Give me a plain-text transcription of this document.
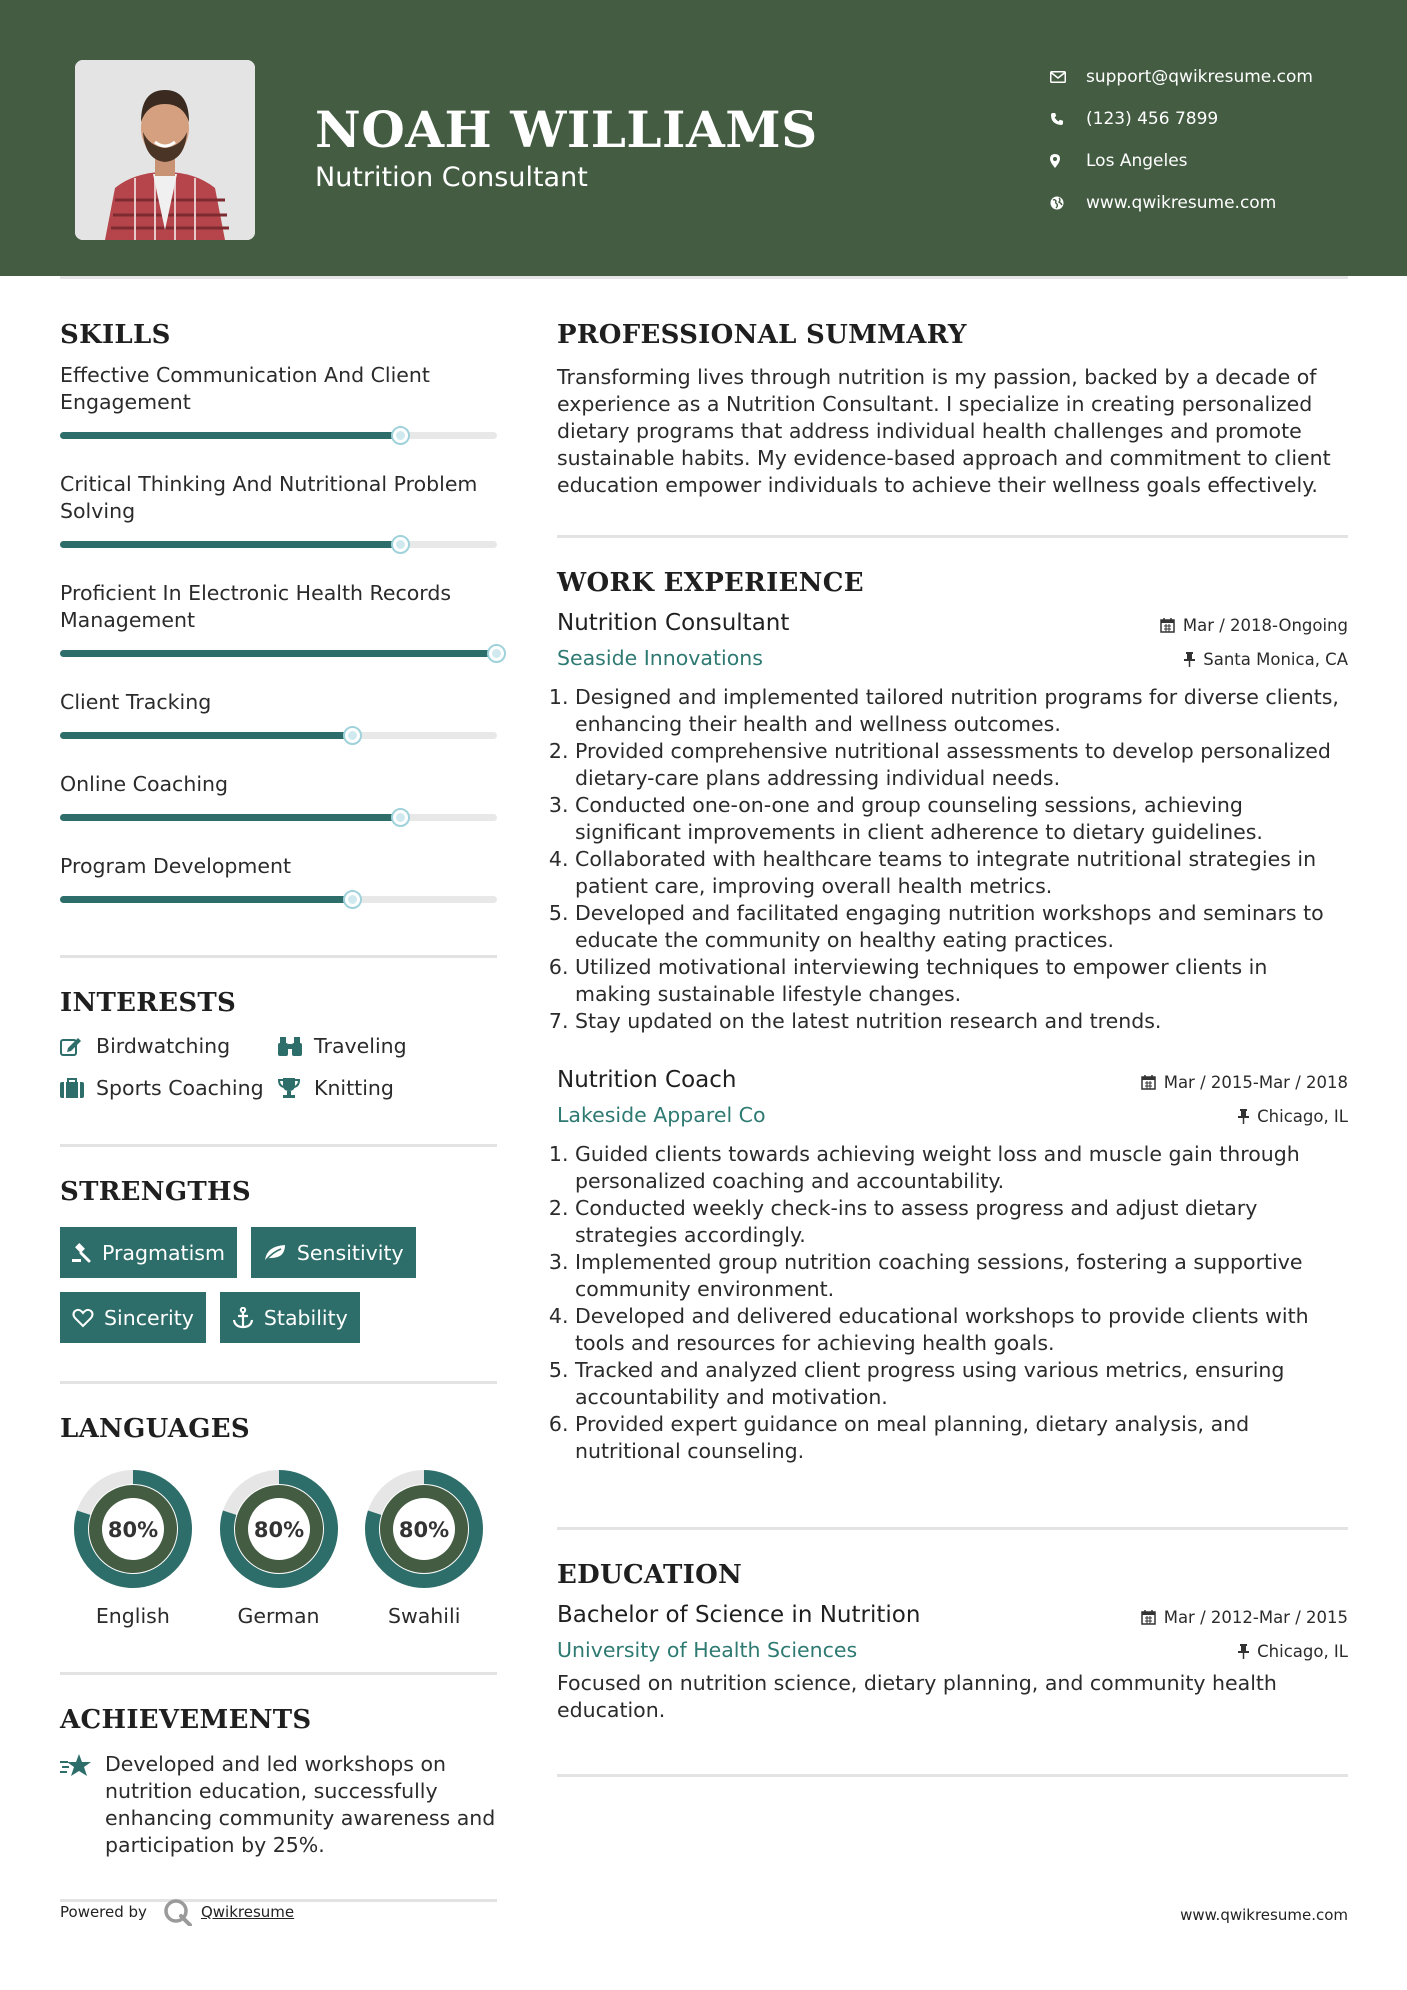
NOAH WILLIAMS
Nutrition Consultant
support@qwikresume.com
(123) 456 7899
Los Angeles
www.qwikresume.com
SKILLS
Effective Communication And Client Engagement
Critical Thinking And Nutritional Problem Solving
Proficient In Electronic Health Records Management
Client Tracking
Online Coaching
Program Development
INTERESTS
Birdwatching	Traveling
Sports Coaching Knitting
STRENGTHS
Pragmatism	Sensitivity
Sincerity	Stability
LANGUAGES
80%
English
80%
German
80%
Swahili
ACHIEVEMENTS
Developed and led workshops on nutrition education, successfully enhancing community awareness and participation by 25%.
PROFESSIONAL SUMMARY
Transforming lives through nutrition is my passion, backed by a decade of experience as a Nutrition Consultant. I specialize in creating personalized dietary programs that address individual health challenges and promote sustainable habits. My evidence-based approach and commitment to client education empower individuals to achieve their wellness goals effectively.
WORK EXPERIENCE
Nutrition Consultant	Mar / 2018-Ongoing
Seaside Innovations	Santa Monica, CA
1. Designed and implemented tailored nutrition programs for diverse clients, enhancing their health and wellness outcomes.
2. Provided comprehensive nutritional assessments to develop personalized dietary-care plans addressing individual needs.
3. Conducted one-on-one and group counseling sessions, achieving significant improvements in client adherence to dietary guidelines.
4. Collaborated with healthcare teams to integrate nutritional strategies in patient care, improving overall health metrics.
5. Developed and facilitated engaging nutrition workshops and seminars to educate the community on healthy eating practices.
6. Utilized motivational interviewing techniques to empower clients in making sustainable lifestyle changes.
7. Stay updated on the latest nutrition research and trends.
Nutrition Coach	Mar / 2015-Mar / 2018
Lakeside Apparel Co	Chicago, IL
1. Guided clients towards achieving weight loss and muscle gain through personalized coaching and accountability.
2. Conducted weekly check-ins to assess progress and adjust dietary strategies accordingly.
3. Implemented group nutrition coaching sessions, fostering a supportive community environment.
4. Developed and delivered educational workshops to provide clients with tools and resources for achieving health goals.
5. Tracked and analyzed client progress using various metrics, ensuring accountability and motivation.
6. Provided expert guidance on meal planning, dietary analysis, and nutritional counseling.
EDUCATION
Bachelor of Science in Nutrition	Mar / 2012-Mar / 2015
University of Health Sciences	Chicago, IL
Focused on nutrition science, dietary planning, and community health education.
Powered by	Qwikresume	www.qwikresume.com
